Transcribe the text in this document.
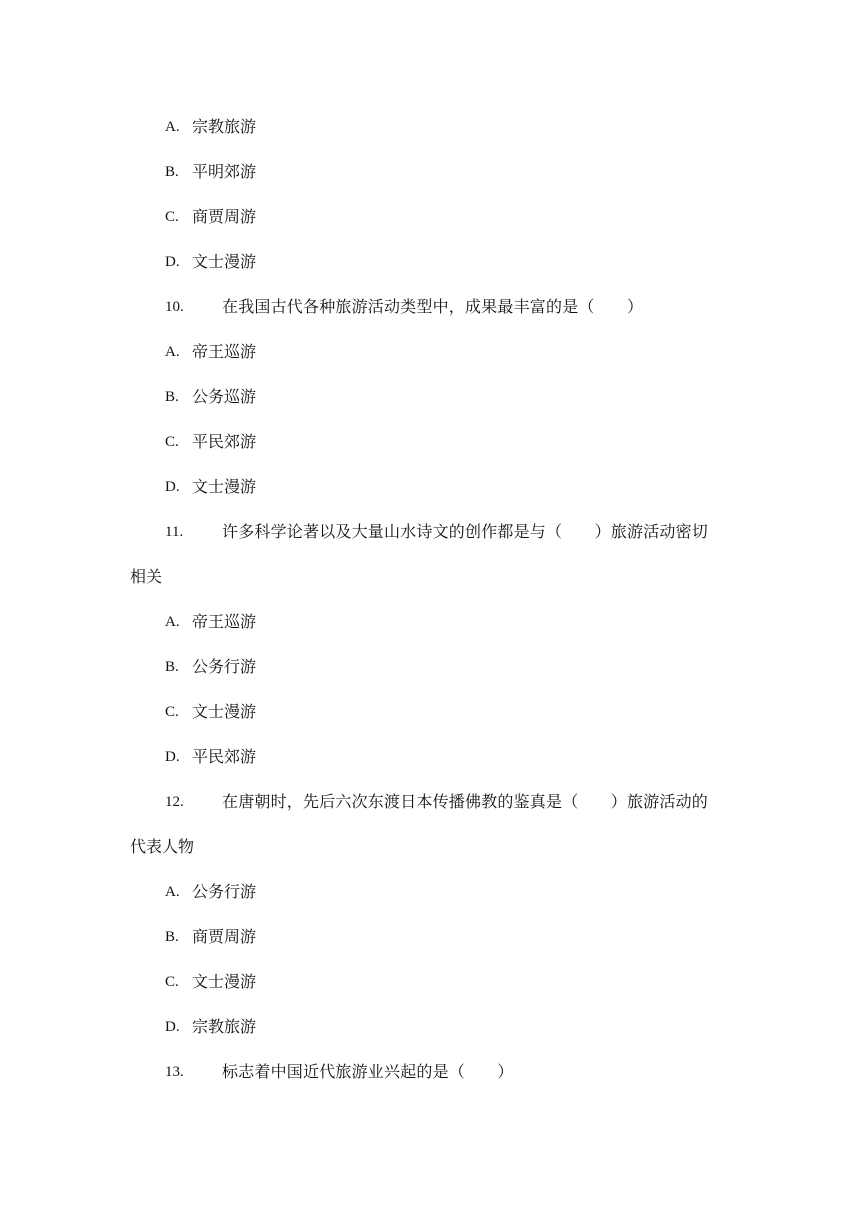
A. 宗教旅游
B. 平明郊游
C. 商贾周游
D. 文士漫游
10. 在我国古代各种旅游活动类型中，成果最丰富的是（　　）
A. 帝王巡游
B. 公务巡游
C. 平民郊游
D. 文士漫游
11. 许多科学论著以及大量山水诗文的创作都是与（　　）旅游活动密切
相关
A. 帝王巡游
B. 公务行游
C. 文士漫游
D. 平民郊游
12. 在唐朝时，先后六次东渡日本传播佛教的鉴真是（　　）旅游活动的
代表人物
A. 公务行游
B. 商贾周游
C. 文士漫游
D. 宗教旅游
13. 标志着中国近代旅游业兴起的是（　　）
